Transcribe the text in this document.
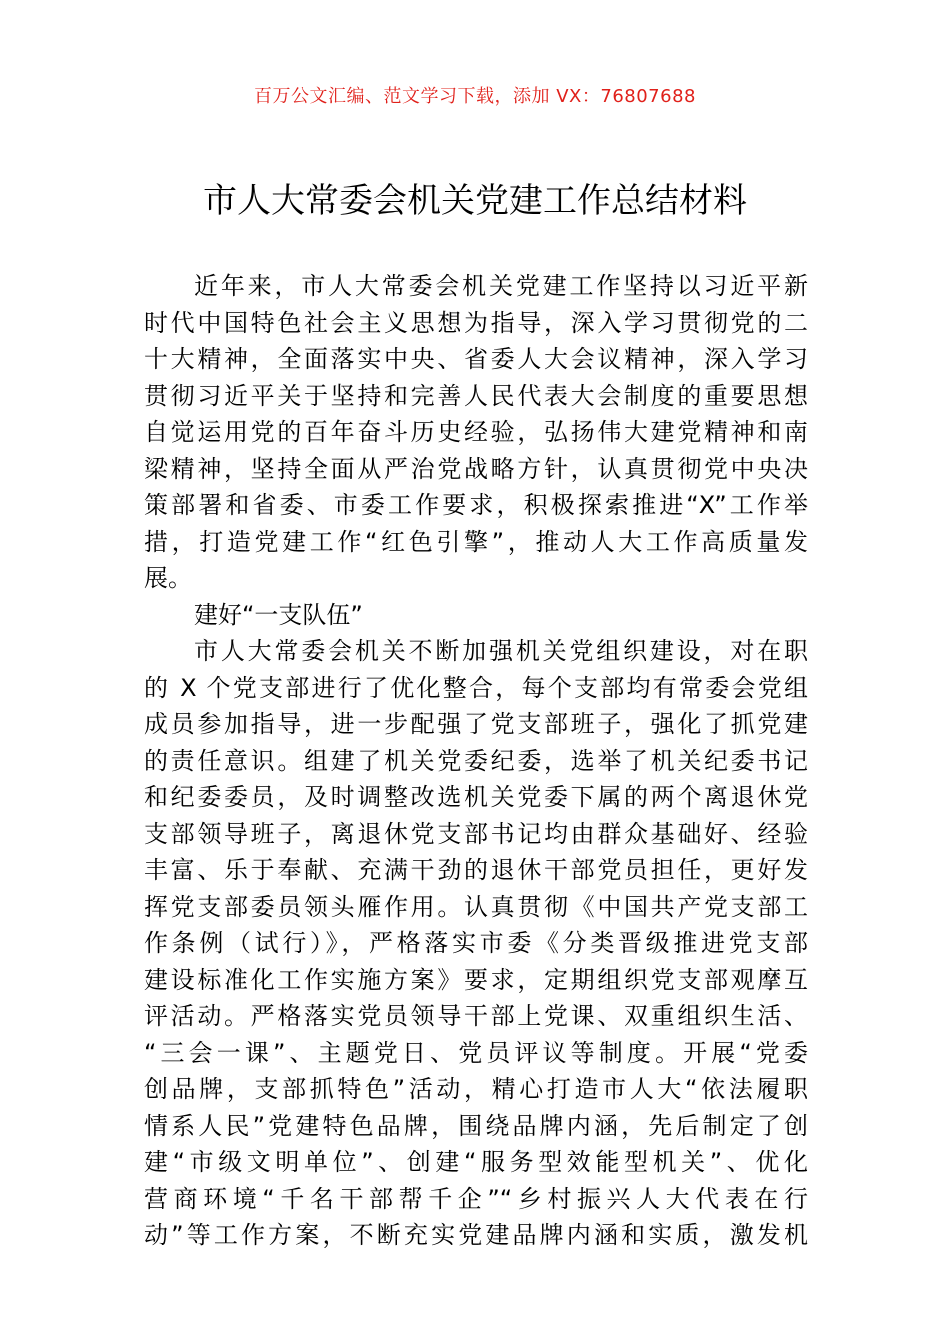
百万公文汇编、范文学习下载，添加 VX：76807688
市人大常委会机关党建工作总结材料
近年来，市人大常委会机关党建工作坚持以习近平新
时代中国特色社会主义思想为指导，深入学习贯彻党的二
十大精神，全面落实中央、省委人大会议精神，深入学习
贯彻习近平关于坚持和完善人民代表大会制度的重要思想
自觉运用党的百年奋斗历史经验，弘扬伟大建党精神和南
梁精神，坚持全面从严治党战略方针，认真贯彻党中央决
策部署和省委、市委工作要求，积极探索推进“X”工作举
措，打造党建工作“红色引擎”，推动人大工作高质量发
展。
建好“一支队伍”
市人大常委会机关不断加强机关党组织建设，对在职
的 X 个党支部进行了优化整合，每个支部均有常委会党组
成员参加指导，进一步配强了党支部班子，强化了抓党建
的责任意识。组建了机关党委纪委，选举了机关纪委书记
和纪委委员，及时调整改选机关党委下属的两个离退休党
支部领导班子，离退休党支部书记均由群众基础好、经验
丰富、乐于奉献、充满干劲的退休干部党员担任，更好发
挥党支部委员领头雁作用。认真贯彻《中国共产党支部工
作条例（试行）》，严格落实市委《分类晋级推进党支部
建设标准化工作实施方案》要求，定期组织党支部观摩互
评活动。严格落实党员领导干部上党课、双重组织生活、
“三会一课”、主题党日、党员评议等制度。开展“党委
创品牌，支部抓特色”活动，精心打造市人大“依法履职
情系人民”党建特色品牌，围绕品牌内涵，先后制定了创
建“市级文明单位”、创建“服务型效能型机关”、优化
营商环境“千名干部帮千企”“乡村振兴人大代表在行
动”等工作方案，不断充实党建品牌内涵和实质，激发机
